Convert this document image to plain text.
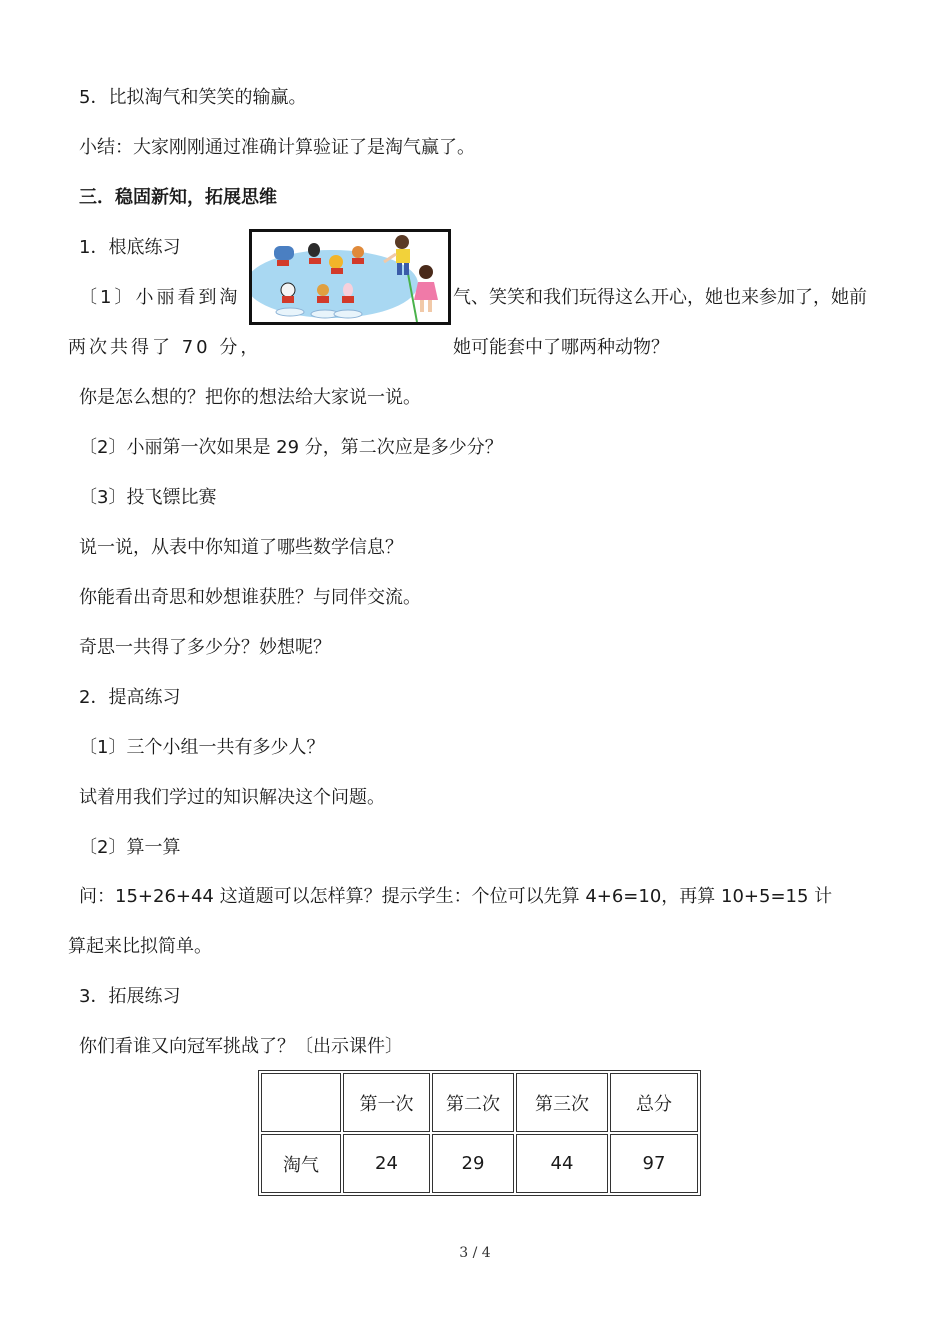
5．比拟淘气和笑笑的输赢。
小结：大家刚刚通过准确计算验证了是淘气赢了。
三．稳固新知，拓展思维
1．根底练习
〔1〕小丽看到淘	气、笑笑和我们玩得这么开心，她也来参加了，她前
两次共得了 70 分，	她可能套中了哪两种动物？
你是怎么想的？把你的想法给大家说一说。
〔2〕小丽第一次如果是 29 分，第二次应是多少分？
〔3〕投飞镖比赛
说一说，从表中你知道了哪些数学信息？
你能看出奇思和妙想谁获胜？与同伴交流。
奇思一共得了多少分？妙想呢？
2．提高练习
〔1〕三个小组一共有多少人？
试着用我们学过的知识解决这个问题。
〔2〕算一算
问：15+26+44 这道题可以怎样算？提示学生：个位可以先算 4+6=10，再算 10+5=15 计
算起来比拟简单。
3．拓展练习
你们看谁又向冠军挑战了？〔出示课件〕
	第一次	第二次	第三次	总分
淘气	24	29	44	97
3 / 4
